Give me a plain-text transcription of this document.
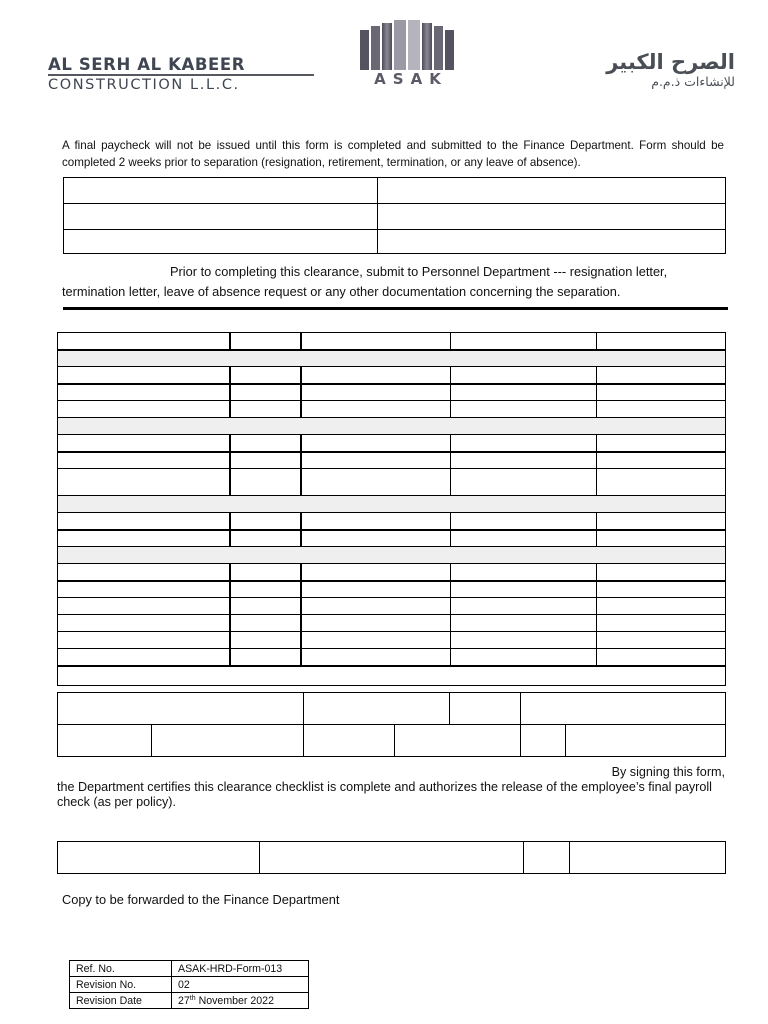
AL SERH AL KABEER
CONSTRUCTION L.L.C.	ASAK
الصرح الكبير
للإنشاءات ذ.م.م

A final paycheck will not be issued until this form is completed and submitted to the Finance Department. Form should be completed 2 weeks prior to separation (resignation, retirement, termination, or any leave of absence).

Prior to completing this clearance, submit to Personnel Department --- resignation letter, termination letter, leave of absence request or any other documentation concerning the separation.

By signing this form,
the Department certifies this clearance checklist is complete and authorizes the release of the employee’s final payroll check (as per policy).

Copy to be forwarded to the Finance Department

Ref. No.	ASAK-HRD-Form-013
Revision No.	02
Revision Date	27th November 2022
